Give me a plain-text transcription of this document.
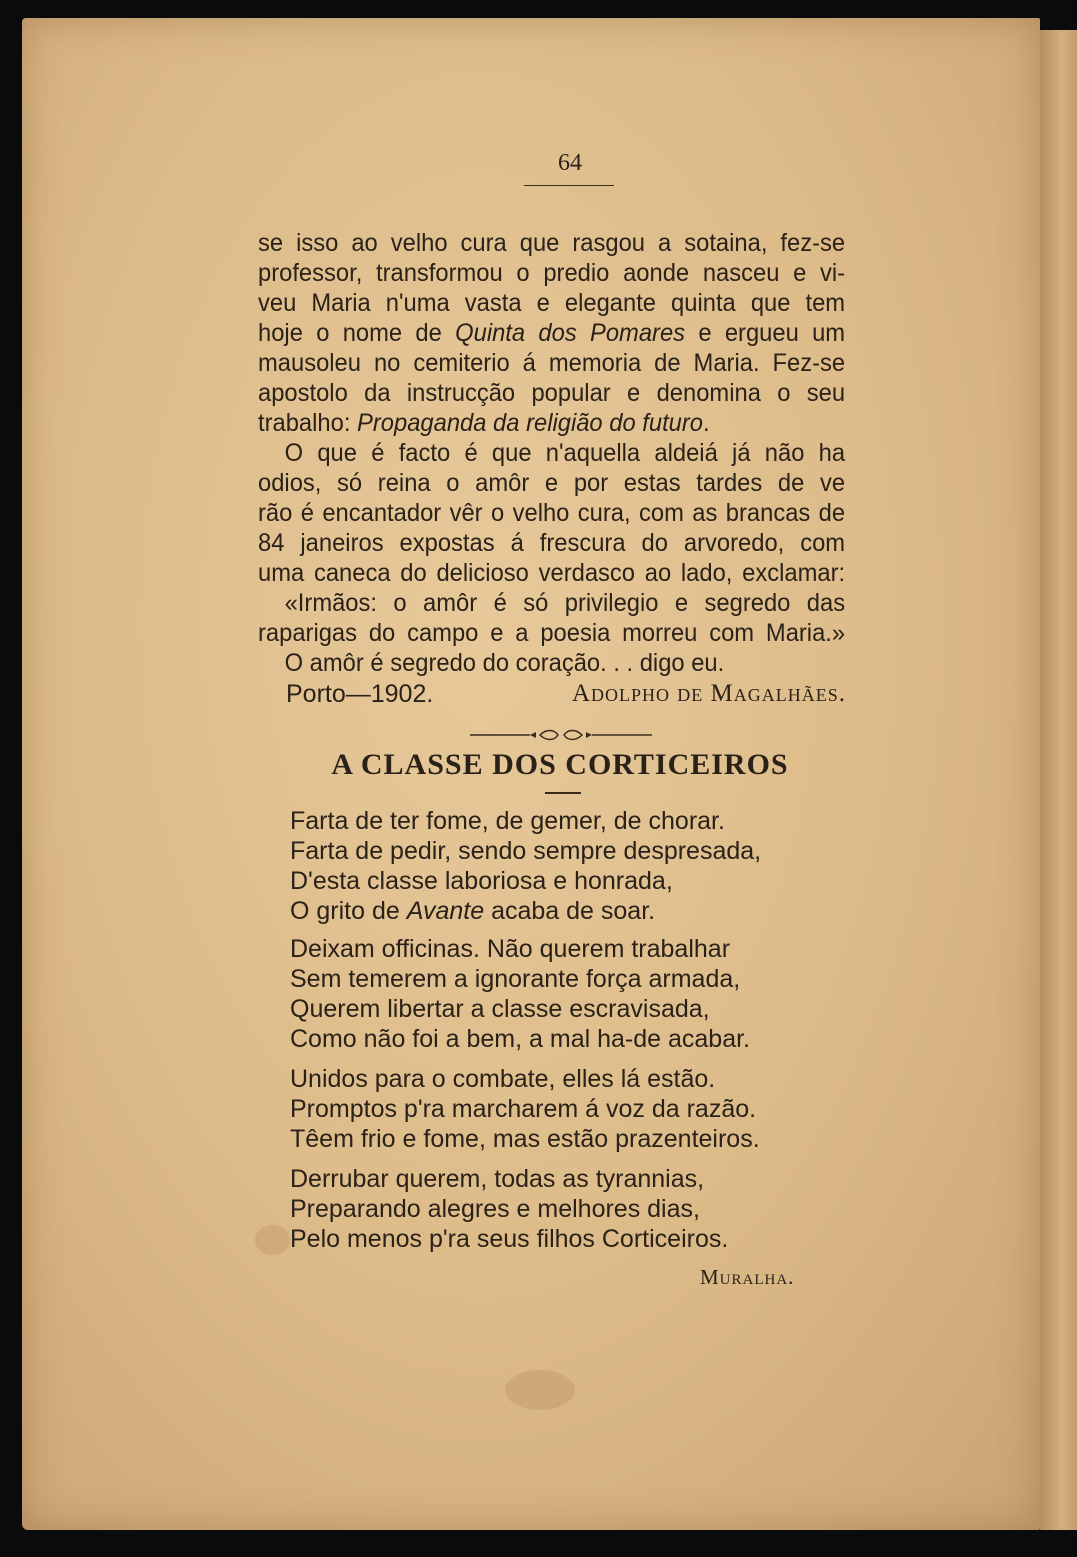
64
se isso ao velho cura que rasgou a sotaina, fez-se
professor, transformou o predio aonde nasceu e vi-
veu Maria n'uma vasta e elegante quinta que tem
hoje o nome de Quinta dos Pomares e ergueu um
mausoleu no cemiterio á memoria de Maria. Fez-se
apostolo da instrucção popular e denomina o seu
trabalho: Propaganda da religião do futuro.
O que é facto é que n'aquella aldeiá já não ha
odios, só reina o amôr e por estas tardes de ve
rão é encantador vêr o velho cura, com as brancas de
84 janeiros expostas á frescura do arvoredo, com
uma caneca do delicioso verdasco ao lado, exclamar:
«Irmãos: o amôr é só privilegio e segredo das
raparigas do campo e a poesia morreu com Maria.»
O amôr é segredo do coração. . . digo eu.
Porto—1902.	Adolpho de Magalhães.
A CLASSE DOS CORTICEIROS
Farta de ter fome, de gemer, de chorar.
Farta de pedir, sendo sempre despresada,
D'esta classe laboriosa e honrada,
O grito de Avante acaba de soar.
Deixam officinas. Não querem trabalhar
Sem temerem a ignorante força armada,
Querem libertar a classe escravisada,
Como não foi a bem, a mal ha-de acabar.
Unidos para o combate, elles lá estão.
Promptos p'ra marcharem á voz da razão.
Têem frio e fome, mas estão prazenteiros.
Derrubar querem, todas as tyrannias,
Preparando alegres e melhores dias,
Pelo menos p'ra seus filhos Corticeiros.
Muralha.
